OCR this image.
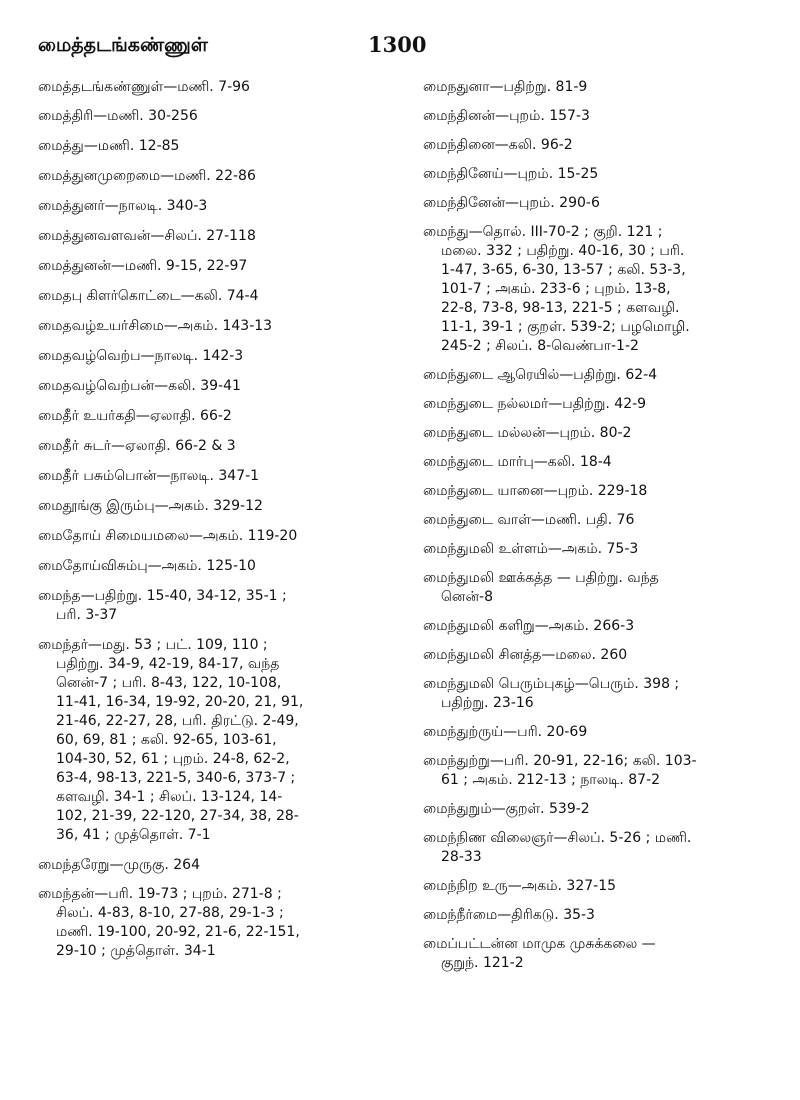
மைத்தடங்கண்ணுள்	1300
மைத்தடங்கண்ணுள்—மணி. 7-96
மைத்திரி—மணி. 30-256
மைத்து—மணி. 12-85
மைத்துனமுறைமை—மணி. 22-86
மைத்துனர்—நாலடி. 340-3
மைத்துனவளவன்—சிலப். 27-118
மைத்துனன்—மணி. 9-15, 22-97
மைதபு கிளர்கொட்டை—கலி. 74-4
மைதவழ்உயர்சிமை—அகம். 143-13
மைதவழ்வெற்ப—நாலடி. 142-3
மைதவழ்வெற்பன்—கலி. 39-41
மைதீர் உயர்கதி—ஏலாதி. 66-2
மைதீர் சுடர்—ஏலாதி. 66-2 & 3
மைதீர் பசும்பொன்—நாலடி. 347-1
மைதூங்கு இரும்பு—அகம். 329-12
மைதோய் சிமையமலை—அகம். 119-20
மைதோய்விசும்பு—அகம். 125-10
மைந்த—பதிற்று. 15-40, 34-12, 35-1 ;
பரி. 3-37
மைந்தர்—மது. 53 ; பட். 109, 110 ;
பதிற்று. 34-9, 42-19, 84-17, வந்த
னென்-7 ; பரி. 8-43, 122, 10-108,
11-41, 16-34, 19-92, 20-20, 21, 91,
21-46, 22-27, 28, பரி. திரட்டு. 2-49,
60, 69, 81 ; கலி. 92-65, 103-61,
104-30, 52, 61 ; புறம். 24-8, 62-2,
63-4, 98-13, 221-5, 340-6, 373-7 ;
களவழி. 34-1 ; சிலப். 13-124, 14-
102, 21-39, 22-120, 27-34, 38, 28-
36, 41 ; முத்தொள். 7-1
மைந்தரேறு—முருகு. 264
மைந்தன்—பரி. 19-73 ; புறம். 271-8 ;
சிலப். 4-83, 8-10, 27-88, 29-1-3 ;
மணி. 19-100, 20-92, 21-6, 22-151,
29-10 ; முத்தொள். 34-1
மைநதுனா—பதிற்று. 81-9
மைந்தினன்—புறம். 157-3
மைந்தினை—கலி. 96-2
மைந்தினேய்—புறம். 15-25
மைந்தினேன்—புறம். 290-6
மைந்து—தொல். III-70-2 ; குறி. 121 ;
மலை. 332 ; பதிற்று. 40-16, 30 ; பரி.
1-47, 3-65, 6-30, 13-57 ; கலி. 53-3,
101-7 ; அகம். 233-6 ; புறம். 13-8,
22-8, 73-8, 98-13, 221-5 ; களவழி.
11-1, 39-1 ; குறள். 539-2; பழமொழி.
245-2 ; சிலப். 8-வெண்பா-1-2
மைந்துடை ஆரெயில்—பதிற்று. 62-4
மைந்துடை நல்லமர்—பதிற்று. 42-9
மைந்துடை மல்லன்—புறம். 80-2
மைந்துடை மார்பு—கலி. 18-4
மைந்துடை யானை—புறம். 229-18
மைந்துடை வாள்—மணி. பதி. 76
மைந்துமலி உள்ளம்—அகம். 75-3
மைந்துமலி ஊக்கத்த — பதிற்று. வந்த
னென்-8
மைந்துமலி களிறு—அகம். 266-3
மைந்துமலி சினத்த—மலை. 260
மைந்துமலி பெரும்புகழ்—பெரும். 398 ;
பதிற்று. 23-16
மைந்துற்ருய்—பரி. 20-69
மைந்துற்று—பரி. 20-91, 22-16; கலி. 103-
61 ; அகம். 212-13 ; நாலடி. 87-2
மைந்துறும்—குறள். 539-2
மைந்நிண விலைஞர்—சிலப். 5-26 ; மணி.
28-33
மைந்நிற உரு—அகம். 327-15
மைந்நீர்மை—திரிகடு. 35-3
மைப்பட்டன்ன மாமுக முசுக்கலை —
குறுந். 121-2
